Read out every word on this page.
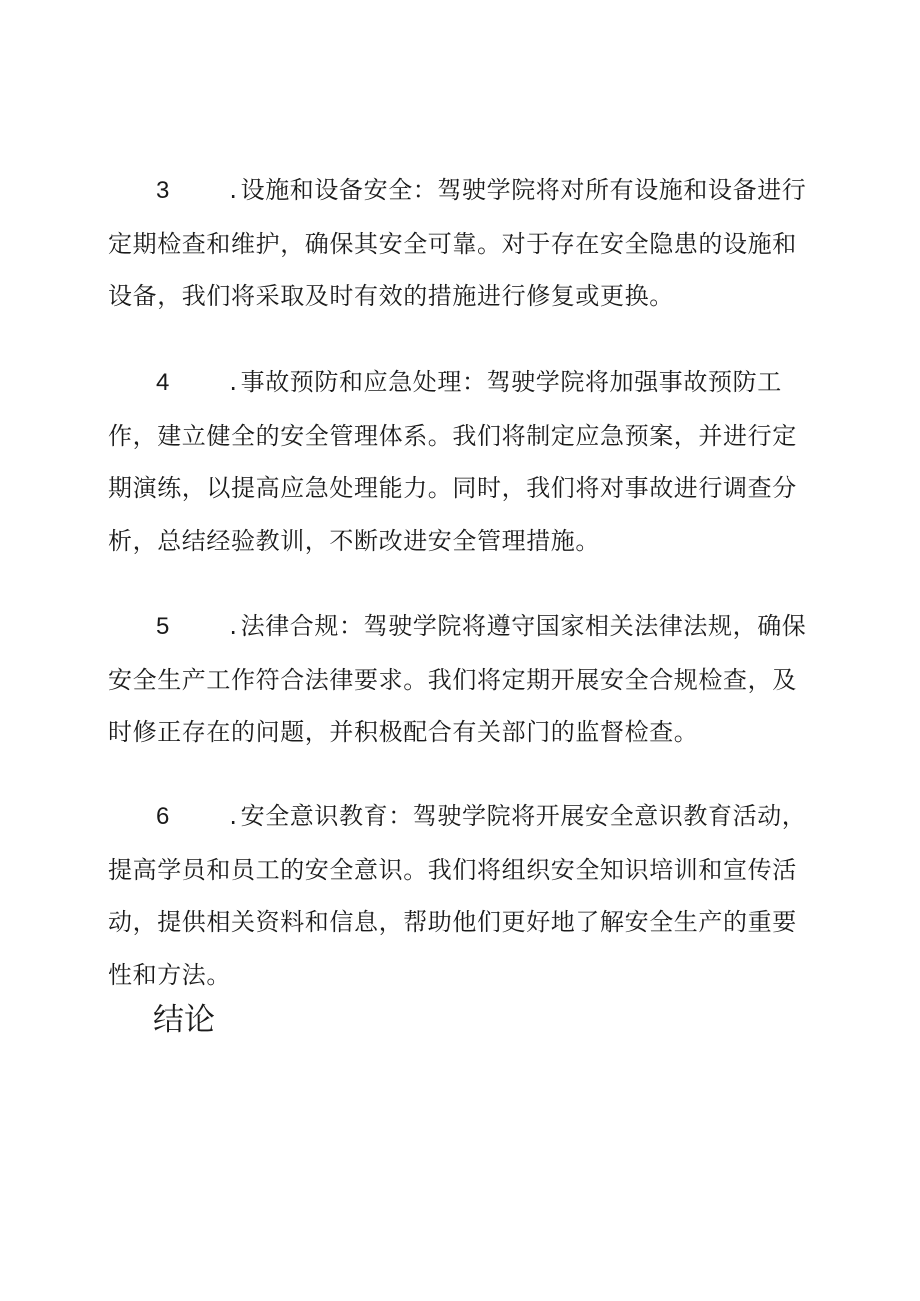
3	. 设施和设备安全：驾驶学院将对所有设施和设备进行定期检查和维护，确保其安全可靠。对于存在安全隐患的设施和设备，我们将采取及时有效的措施进行修复或更换。

4	. 事故预防和应急处理：驾驶学院将加强事故预防工作，建立健全的安全管理体系。我们将制定应急预案，并进行定期演练，以提高应急处理能力。同时，我们将对事故进行调查分析，总结经验教训，不断改进安全管理措施。

5	. 法律合规：驾驶学院将遵守国家相关法律法规，确保安全生产工作符合法律要求。我们将定期开展安全合规检查，及时修正存在的问题，并积极配合有关部门的监督检查。

6	. 安全意识教育：驾驶学院将开展安全意识教育活动，提高学员和员工的安全意识。我们将组织安全知识培训和宣传活动，提供相关资料和信息，帮助他们更好地了解安全生产的重要性和方法。

结论
